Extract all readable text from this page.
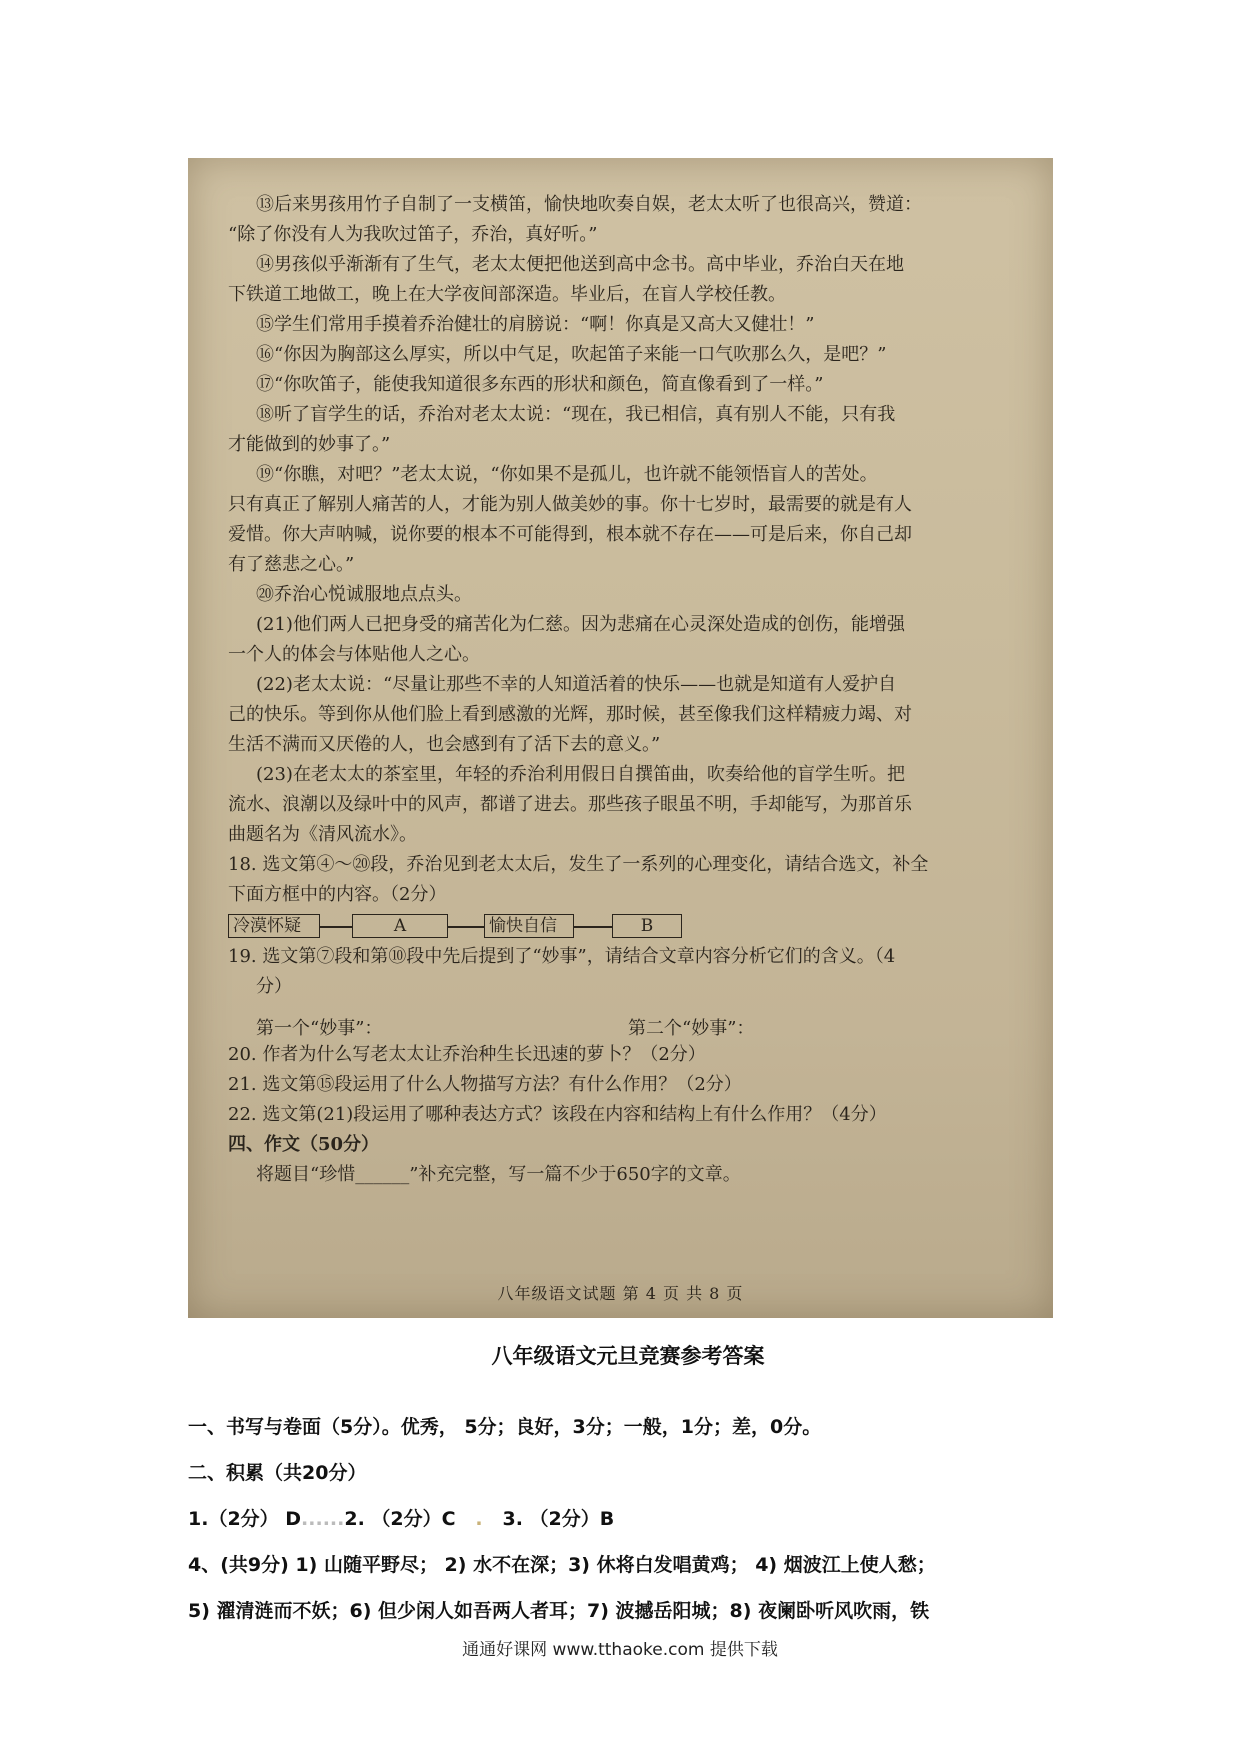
⑬后来男孩用竹子自制了一支横笛，愉快地吹奏自娱，老太太听了也很高兴，赞道：

“除了你没有人为我吹过笛子，乔治，真好听。”

⑭男孩似乎渐渐有了生气，老太太便把他送到高中念书。高中毕业，乔治白天在地

下铁道工地做工，晚上在大学夜间部深造。毕业后，在盲人学校任教。

⑮学生们常用手摸着乔治健壮的肩膀说：“啊！你真是又高大又健壮！”

⑯“你因为胸部这么厚实，所以中气足，吹起笛子来能一口气吹那么久，是吧？”

⑰“你吹笛子，能使我知道很多东西的形状和颜色，简直像看到了一样。”

⑱听了盲学生的话，乔治对老太太说：“现在，我已相信，真有别人不能，只有我

才能做到的妙事了。”

⑲“你瞧，对吧？”老太太说，“你如果不是孤儿，也许就不能领悟盲人的苦处。

只有真正了解别人痛苦的人，才能为别人做美妙的事。你十七岁时，最需要的就是有人

爱惜。你大声呐喊，说你要的根本不可能得到，根本就不存在——可是后来，你自己却

有了慈悲之心。”

⑳乔治心悦诚服地点点头。

(21)他们两人已把身受的痛苦化为仁慈。因为悲痛在心灵深处造成的创伤，能增强

一个人的体会与体贴他人之心。

(22)老太太说：“尽量让那些不幸的人知道活着的快乐——也就是知道有人爱护自

己的快乐。等到你从他们脸上看到感激的光辉，那时候，甚至像我们这样精疲力竭、对

生活不满而又厌倦的人，也会感到有了活下去的意义。”

(23)在老太太的茶室里，年轻的乔治利用假日自撰笛曲，吹奏给他的盲学生听。把

流水、浪潮以及绿叶中的风声，都谱了进去。那些孩子眼虽不明，手却能写，为那首乐

曲题名为《清风流水》。

18. 选文第④～⑳段，乔治见到老太太后，发生了一系列的心理变化，请结合选文，补全

下面方框中的内容。（2分）

冷漠怀疑	A	愉快自信	B

19. 选文第⑦段和第⑩段中先后提到了“妙事”，请结合文章内容分析它们的含义。（4

分）

第一个“妙事”：	第二个“妙事”：

20. 作者为什么写老太太让乔治种生长迅速的萝卜？（2分）

21. 选文第⑮段运用了什么人物描写方法？有什么作用？（2分）

22. 选文第(21)段运用了哪种表达方式？该段在内容和结构上有什么作用？（4分）

四、作文（50分）

将题目“珍惜______”补充完整，写一篇不少于650字的文章。

八年级语文试题 第 4 页 共 8 页

八年级语文元旦竞赛参考答案

一、书写与卷面（5分）。优秀， 5分；良好，3分；一般，1分；差，0分。

二、积累（共20分）

1.（2分） D......2. （2分）C   .   3. （2分）B

4、(共9分) 1) 山随平野尽； 2) 水不在深；3) 休将白发唱黄鸡； 4) 烟波江上使人愁；

5) 濯清涟而不妖；6) 但少闲人如吾两人者耳；7) 波撼岳阳城；8) 夜阑卧听风吹雨，铁

通通好课网 www.tthaoke.com 提供下载
